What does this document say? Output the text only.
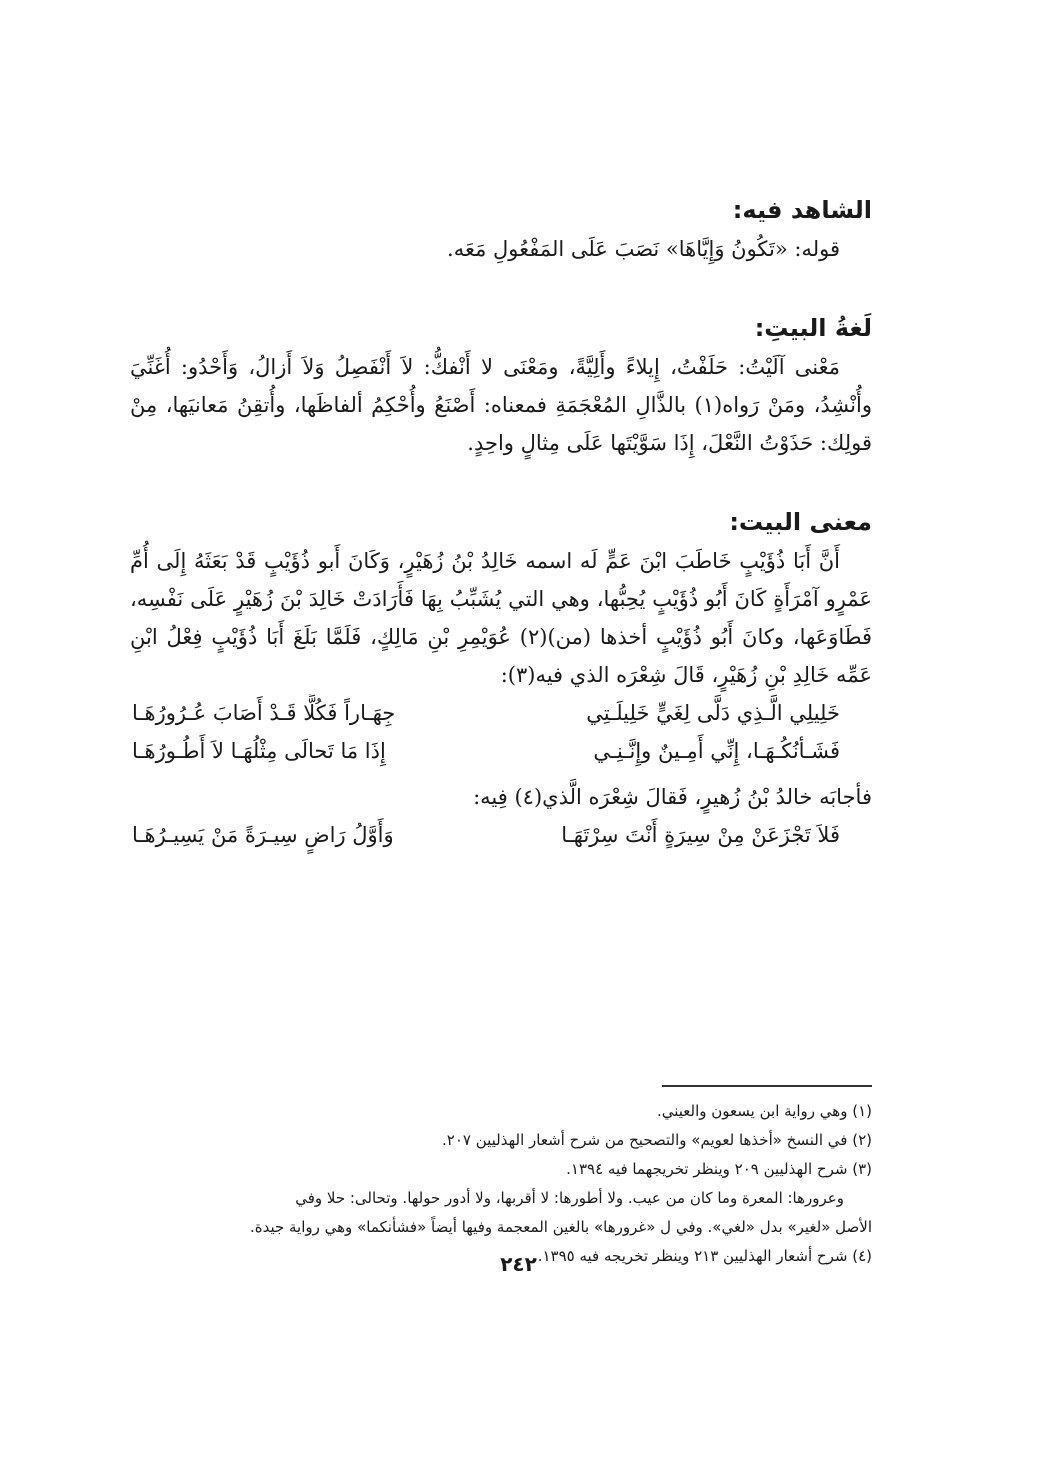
الشاهد فيه:

قوله: «تَكُونُ وَإِيَّاهَا» نَصَبَ عَلَى المَفْعُولِ مَعَه.

لَغةُ البيتِ:

مَعْنى آلَيْتُ: حَلَفْتُ، إِيلاءً وأَلِيَّةً، ومَعْنَى لا أَنْفكُّ: لاَ أَنْفَصِلُ وَلاَ أَزالُ، وَأَحْدُو: أُغَنِّيَ وأُنْشِدُ، ومَنْ رَواه(١) بالذَّالِ المُعْجَمَةِ فمعناه: أَصْنَعُ وأُحْكِمُ ألفاظَها، وأُتقِنُ مَعانيَها، مِنْ قولِك: حَذَوْتُ النَّعْلَ، إِذَا سَوَّيْتَها عَلَى مِثالٍ واحِدٍ.

معنى البيت:

أَنَّ أَبَا ذُؤَيْبٍ خَاطَبَ ابْنَ عَمٍّ لَه اسمه خَالِدُ بْنُ زُهَيْرٍ، وَكَانَ أَبو ذُؤَيْبٍ قَدْ بَعَثَهُ إِلَى أُمِّ عَمْرٍو آمْرَأَةٍ كَانَ أَبُو ذُؤَيْبٍ يُحِبُّها، وهي التي يُشَبِّبُ بِهَا فَأَرَادَتْ خَالِدَ بْنَ زُهَيْرٍ عَلَى نَفْسِه، فَطَاوَعَها، وكانَ أَبُو ذُؤَيْبٍ أخذها (من)(٢) عُوَيْمِرِ بْنِ مَالِكٍ، فَلَمَّا بَلَغَ أَبَا ذُؤَيْبٍ فِعْلُ ابْنِ عَمِّه خَالِدِ بْنِ زُهَيْرٍ، قَالَ شِعْرَه الذي فيه(٣):

خَلِيلِي الَّـذِي دَلَّى لِغَيٍّ خَلِيلَـتِي
جِهَـاراً فَكُلًّا قَـدْ أَصَابَ عُـرُورُهَـا
فَشَـأنُكُـهَـا، إِنِّي أَمِـينٌ وإِنَّـنِـي
إِذَا مَا تَحالَى مِثْلُهَـا لاَ أَطُـورُهَـا

فأجابَه خالدُ بْنُ زُهيرٍ، فَقالَ شِعْرَه الَّذي(٤) فِيه:

فَلاَ تَجْزَعَنْ مِنْ سِيرَةٍ أَنْتَ سِرْتَهَـا
وَأَوَّلُ رَاضٍ سِيـرَةً مَنْ يَسِيـرُهَـا

(١) وهي رواية ابن يسعون والعيني.

(٢) في النسخ «أخذها لعويم» والتصحيح من شرح أشعار الهذليين ٢٠٧.

(٣) شرح الهذليين ٢٠٩ وينظر تخريجهما فيه ١٣٩٤.

وعرورها: المعرة وما كان من عيب. ولا أطورها: لا أقربها، ولا أدور حولها. وتحالى: حلا وفي

الأصل «لغير» بدل «لغي». وفي ل «غرورها» بالغين المعجمة وفيها أيضاً «فشأنكما» وهي رواية جيدة.

(٤) شرح أشعار الهذليين ٢١٣ وينظر تخريجه فيه ١٣٩٥.

٢٤٢
